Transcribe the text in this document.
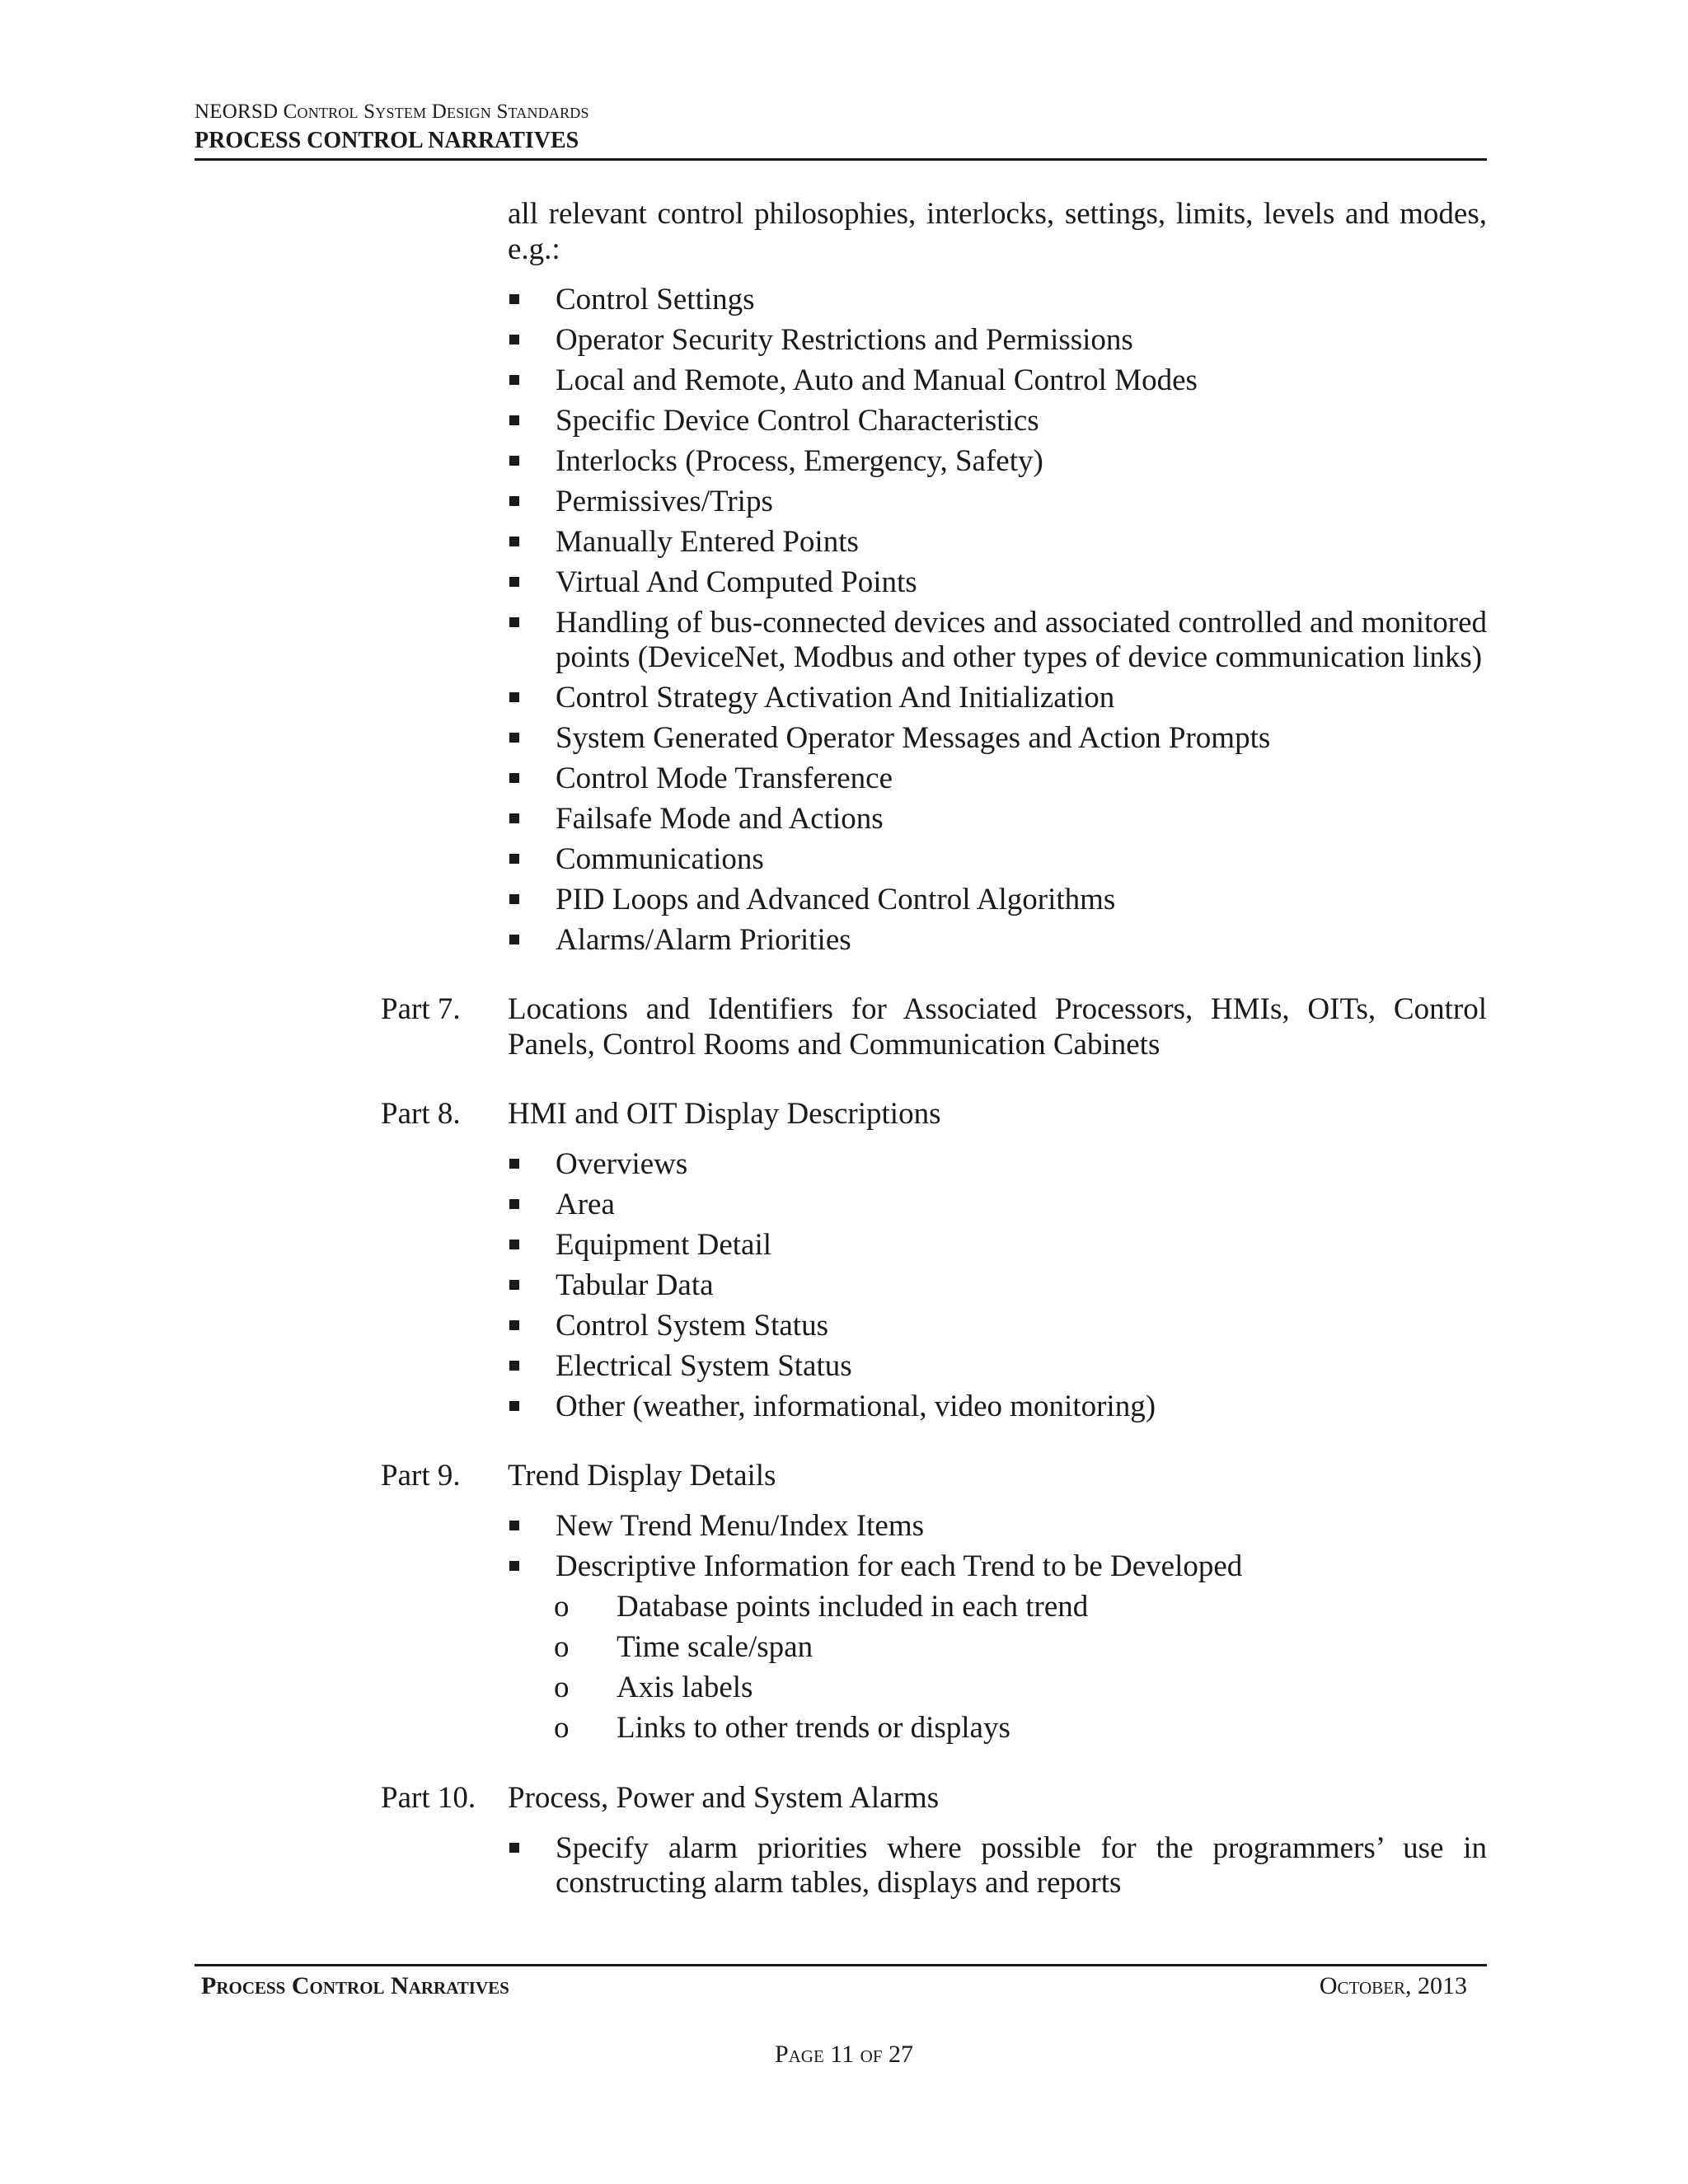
NEORSD Control System Design Standards
PROCESS CONTROL NARRATIVES
all relevant control philosophies, interlocks, settings, limits, levels and modes, e.g.:
Control Settings
Operator Security Restrictions and Permissions
Local and Remote, Auto and Manual Control Modes
Specific Device Control Characteristics
Interlocks (Process, Emergency, Safety)
Permissives/Trips
Manually Entered Points
Virtual And Computed Points
Handling of bus-connected devices and associated controlled and monitored points (DeviceNet, Modbus and other types of device communication links)
Control Strategy Activation And Initialization
System Generated Operator Messages and Action Prompts
Control Mode Transference
Failsafe Mode and Actions
Communications
PID Loops and Advanced Control Algorithms
Alarms/Alarm Priorities
Part 7. Locations and Identifiers for Associated Processors, HMIs, OITs, Control Panels, Control Rooms and Communication Cabinets
Part 8. HMI and OIT Display Descriptions
Overviews
Area
Equipment Detail
Tabular Data
Control System Status
Electrical System Status
Other (weather, informational, video monitoring)
Part 9. Trend Display Details
New Trend Menu/Index Items
Descriptive Information for each Trend to be Developed
o Database points included in each trend
o Time scale/span
o Axis labels
o Links to other trends or displays
Part 10. Process, Power and System Alarms
Specify alarm priorities where possible for the programmers’ use in constructing alarm tables, displays and reports
Process Control Narratives	October, 2013
Page 11 of 27
